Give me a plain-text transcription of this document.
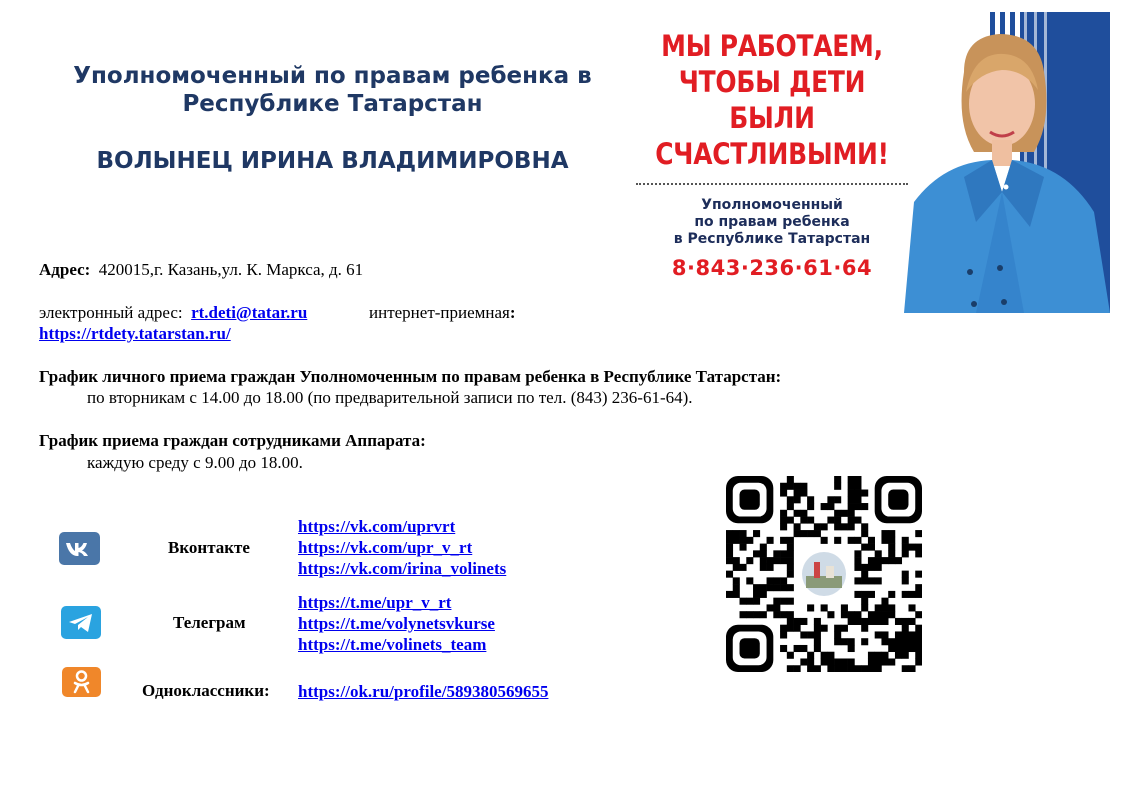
Уполномоченный по правам ребенка в
Республике Татарстан
ВОЛЫНЕЦ ИРИНА ВЛАДИМИРОВНА
МЫ РАБОТАЕМ,
ЧТОБЫ ДЕТИ
БЫЛИ
СЧАСТЛИВЫМИ!
Уполномоченный
по правам ребенка
в Республике Татарстан
8·843·236·61·64
Адрес: 420015,г. Казань,ул. К. Маркса, д. 61
электронный адрес: rt.deti@tatar.ru	интернет-приемная:
https://rtdety.tatarstan.ru/
График личного приема граждан Уполномоченным по правам ребенка в Республике Татарстан:
по вторникам с 14.00 до 18.00 (по предварительной записи по тел. (843) 236-61-64).
График приема граждан сотрудниками Аппарата:
каждую среду с 9.00 до 18.00.
Вконтакте
https://vk.com/uprvrt
https://vk.com/upr_v_rt
https://vk.com/irina_volinets
Телеграм
https://t.me/upr_v_rt
https://t.me/volynetsvkurse
https://t.me/volinets_team
Одноклассники: https://ok.ru/profile/589380569655
